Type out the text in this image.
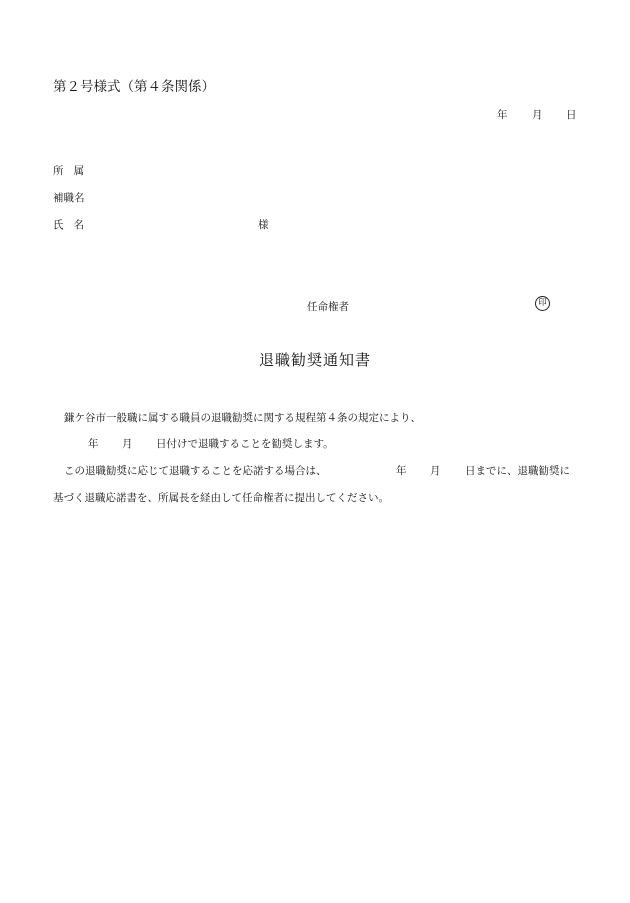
第２号様式（第４条関係）
年 月 日
所属
補職名
氏名	様
任命権者	印
退職勧奨通知書
鎌ケ谷市一般職に属する職員の退職勧奨に関する規程第４条の規定により、
年 月 日付けで退職することを勧奨します。
この退職勧奨に応じて退職することを応諾する場合は、	年 月 日までに、退職勧奨に
基づく退職応諾書を、所属長を経由して任命権者に提出してください。
